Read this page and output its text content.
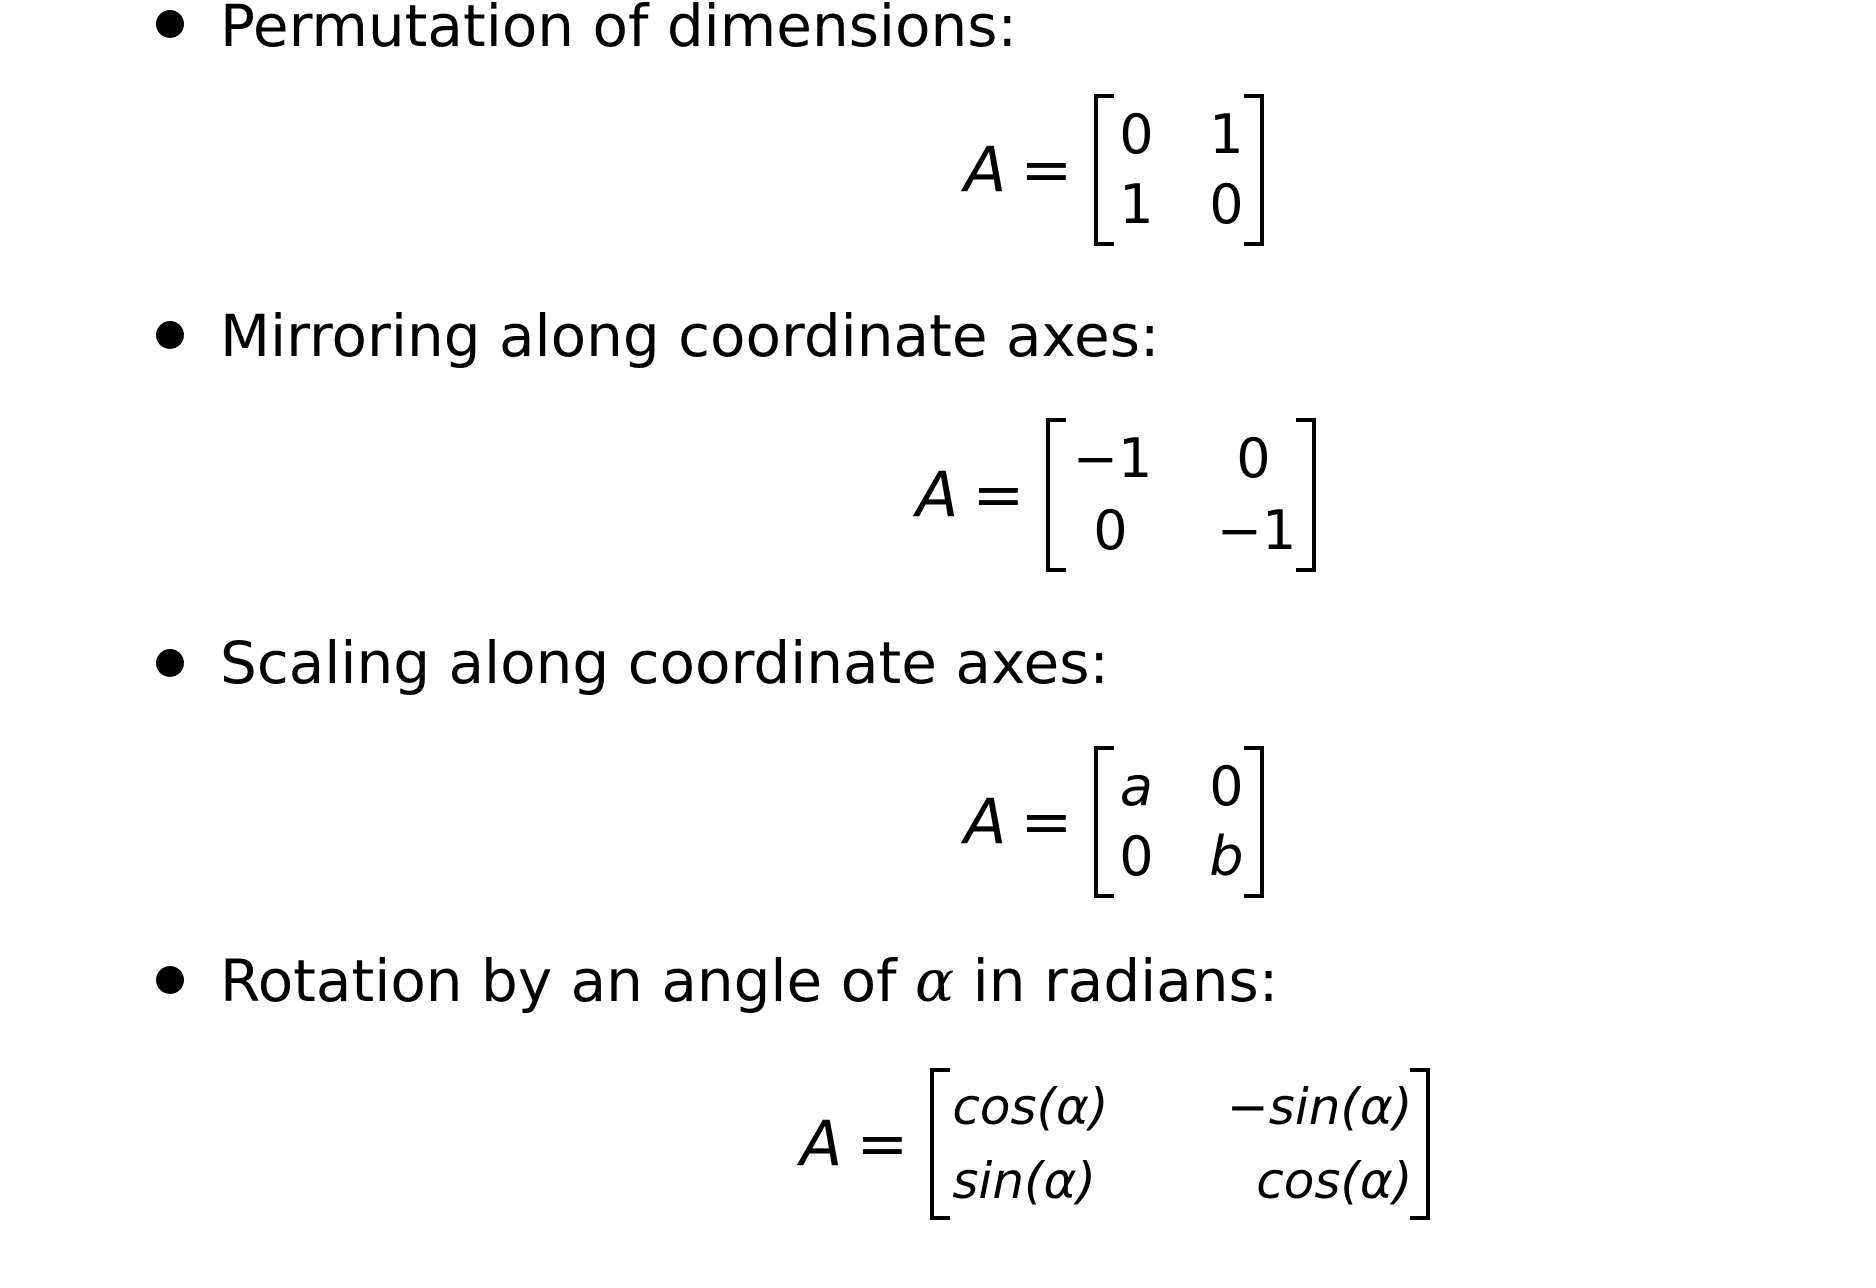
Permutation of dimensions:
A = 0 1
1 0
Mirroring along coordinate axes:
A = −1	0
0	−1
Scaling along coordinate axes:
A = a 0
0 b
Rotation by an angle of α in radians:
A = cos(α)	−sin(α)
sin(α)	cos(α)
